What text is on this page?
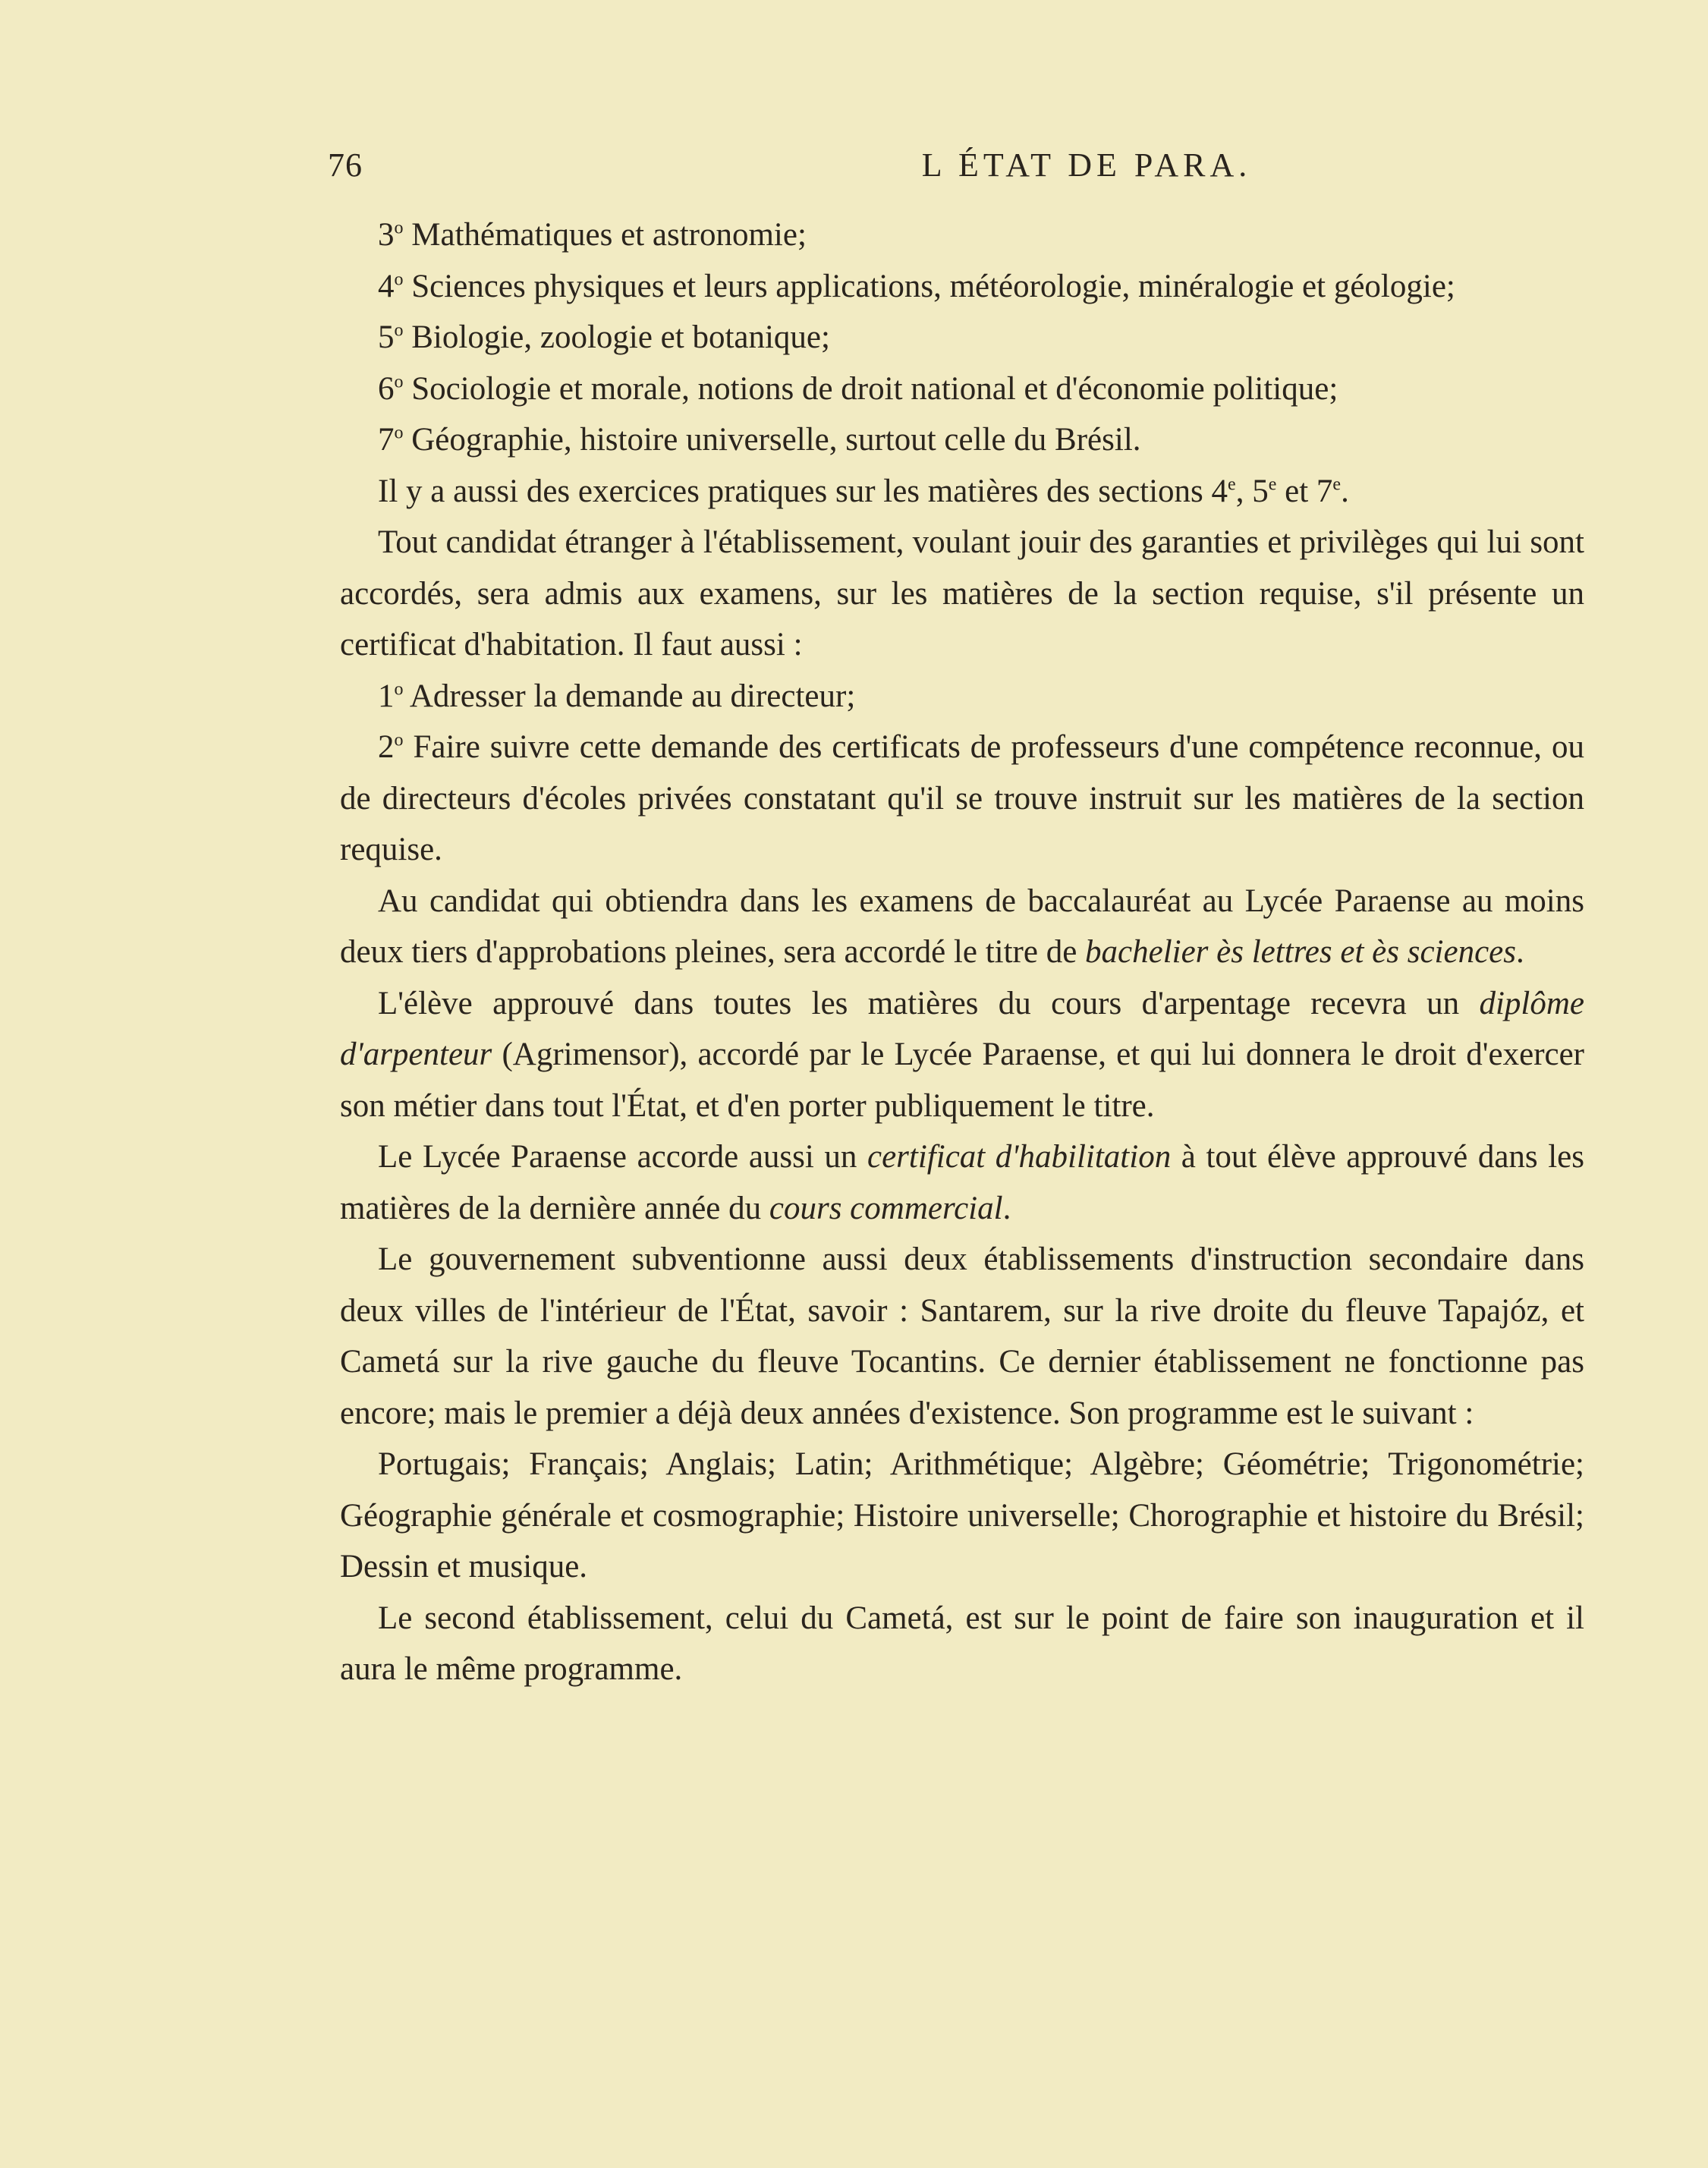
76	L ÉTAT DE PARA.

3$^o$ Mathématiques et astronomie;

4$^o$ Sciences physiques et leurs applications, météorologie, minéralogie et géologie;

5$^o$ Biologie, zoologie et botanique;

6$^o$ Sociologie et morale, notions de droit national et d'économie politique;

7$^o$ Géographie, histoire universelle, surtout celle du Brésil.

Il y a aussi des exercices pratiques sur les matières des sections 4e, 5e et 7e.

Tout candidat étranger à l'établissement, voulant jouir des garanties et privilèges qui lui sont accordés, sera admis aux examens, sur les matières de la section requise, s'il présente un certificat d'habitation. Il faut aussi :

1$^o$ Adresser la demande au directeur;

2$^o$ Faire suivre cette demande des certificats de professeurs d'une compétence reconnue, ou de directeurs d'écoles privées constatant qu'il se trouve instruit sur les matières de la section requise.

Au candidat qui obtiendra dans les examens de baccalauréat au Lycée Paraense au moins deux tiers d'approbations pleines, sera accordé le titre de bachelier ès lettres et ès sciences.

L'élève approuvé dans toutes les matières du cours d'arpentage recevra un diplôme d'arpenteur (Agrimensor), accordé par le Lycée Paraense, et qui lui donnera le droit d'exercer son métier dans tout l'État, et d'en porter publiquement le titre.

Le Lycée Paraense accorde aussi un certificat d'habilitation à tout élève approuvé dans les matières de la dernière année du cours commercial.

Le gouvernement subventionne aussi deux établissements d'instruction secondaire dans deux villes de l'intérieur de l'État, savoir : Santarem, sur la rive droite du fleuve Tapajóz, et Cametá sur la rive gauche du fleuve Tocantins. Ce dernier établissement ne fonctionne pas encore; mais le premier a déjà deux années d'existence. Son programme est le suivant :

Portugais; Français; Anglais; Latin; Arithmétique; Algèbre; Géométrie; Trigonométrie; Géographie générale et cosmographie; Histoire universelle; Chorographie et histoire du Brésil; Dessin et musique.

Le second établissement, celui du Cametá, est sur le point de faire son inauguration et il aura le même programme.
